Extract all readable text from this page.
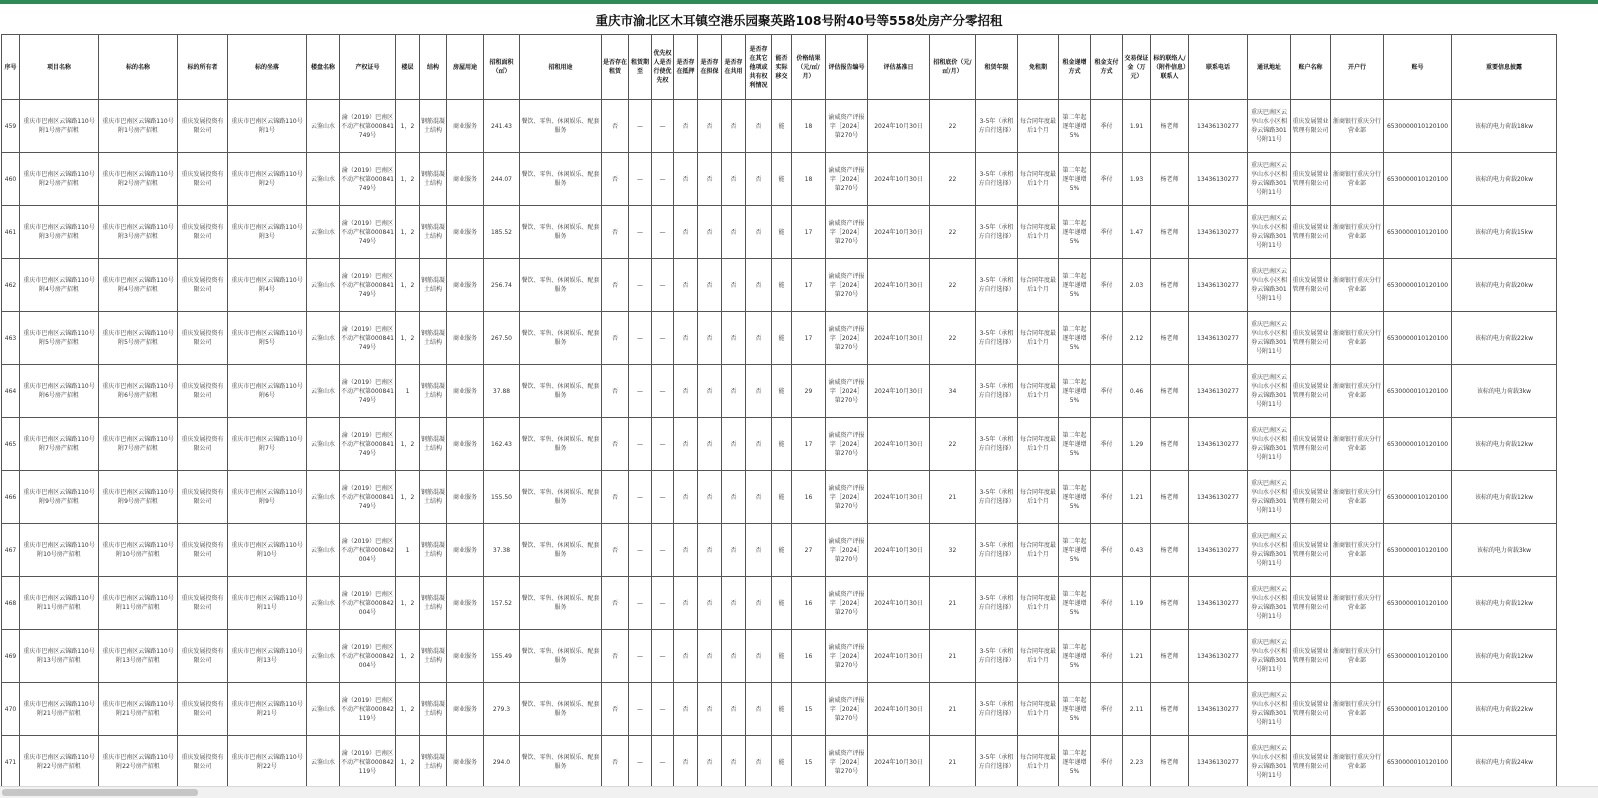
重庆市渝北区木耳镇空港乐园聚英路108号附40号等558处房产分零招租
序号	项目名称	标的名称	标的所有者	标的坐落	楼盘名称	产权证号	楼层	结构	房屋用途	招租面积（㎡）	招租用途	是否存在租赁	租赁期至	优先权人是否行使优先权	是否存在抵押	是否存在担保	是否存在共用	是否存在其它他项或共有权利情况	能否实际移交	价格结果（元/㎡/月）	评估报告编号	评估基准日	招租底价（元/㎡/月）	租赁年限	免租期	租金递增方式	租金支付方式	交易保证金（万元）	标的联络人/（附件信息）联系人	联系电话	通讯地址	账户名称	开户行	账号	重要信息披露
459	重庆市巴南区云锦路110号附1号房产招租	重庆市巴南区云锦路110号附1号房产招租	重庆发展投资有限公司	重庆市巴南区云锦路110号附1号	云鉴山水	渝（2019）巴南区不动产权第000841749号	1，2	钢筋混凝土结构	商业服务	241.43	餐饮、零售、休闲娱乐、配套服务	否	—	—	否	否	否	否	能	18	渝威资产评报字［2024］第270号	2024年10月30日	22	3-5年（承租方自行选择）	每合同年度最后1个月	第二年起逐年递增5%	季付	1.91	杨老师	13436130277	重庆巴南区云享山水小区相券云锦路301号附11号	重庆发展置业管理有限公司	浙商银行重庆分行营业部	6530000010120100	该标的电力荷载18kw
460	重庆市巴南区云锦路110号附2号房产招租	重庆市巴南区云锦路110号附2号房产招租	重庆发展投资有限公司	重庆市巴南区云锦路110号附2号	云鉴山水	渝（2019）巴南区不动产权第000841749号	1，2	钢筋混凝土结构	商业服务	244.07	餐饮、零售、休闲娱乐、配套服务	否	—	—	否	否	否	否	能	18	渝威资产评报字［2024］第270号	2024年10月30日	22	3-5年（承租方自行选择）	每合同年度最后1个月	第二年起逐年递增5%	季付	1.93	杨老师	13436130277	重庆巴南区云享山水小区相券云锦路301号附11号	重庆发展置业管理有限公司	浙商银行重庆分行营业部	6530000010120100	该标的电力荷载20kw
461	重庆市巴南区云锦路110号附3号房产招租	重庆市巴南区云锦路110号附3号房产招租	重庆发展投资有限公司	重庆市巴南区云锦路110号附3号	云鉴山水	渝（2019）巴南区不动产权第000841749号	1，2	钢筋混凝土结构	商业服务	185.52	餐饮、零售、休闲娱乐、配套服务	否	—	—	否	否	否	否	能	17	渝威资产评报字［2024］第270号	2024年10月30日	22	3-5年（承租方自行选择）	每合同年度最后1个月	第二年起逐年递增5%	季付	1.47	杨老师	13436130277	重庆巴南区云享山水小区相券云锦路301号附11号	重庆发展置业管理有限公司	浙商银行重庆分行营业部	6530000010120100	该标的电力荷载15kw
462	重庆市巴南区云锦路110号附4号房产招租	重庆市巴南区云锦路110号附4号房产招租	重庆发展投资有限公司	重庆市巴南区云锦路110号附4号	云鉴山水	渝（2019）巴南区不动产权第000841749号	1，2	钢筋混凝土结构	商业服务	256.74	餐饮、零售、休闲娱乐、配套服务	否	—	—	否	否	否	否	能	17	渝威资产评报字［2024］第270号	2024年10月30日	22	3-5年（承租方自行选择）	每合同年度最后1个月	第二年起逐年递增5%	季付	2.03	杨老师	13436130277	重庆巴南区云享山水小区相券云锦路301号附11号	重庆发展置业管理有限公司	浙商银行重庆分行营业部	6530000010120100	该标的电力荷载20kw
463	重庆市巴南区云锦路110号附5号房产招租	重庆市巴南区云锦路110号附5号房产招租	重庆发展投资有限公司	重庆市巴南区云锦路110号附5号	云鉴山水	渝（2019）巴南区不动产权第000841749号	1，2	钢筋混凝土结构	商业服务	267.50	餐饮、零售、休闲娱乐、配套服务	否	—	—	否	否	否	否	能	17	渝威资产评报字［2024］第270号	2024年10月30日	22	3-5年（承租方自行选择）	每合同年度最后1个月	第二年起逐年递增5%	季付	2.12	杨老师	13436130277	重庆巴南区云享山水小区相券云锦路301号附11号	重庆发展置业管理有限公司	浙商银行重庆分行营业部	6530000010120100	该标的电力荷载22kw
464	重庆市巴南区云锦路110号附6号房产招租	重庆市巴南区云锦路110号附6号房产招租	重庆发展投资有限公司	重庆市巴南区云锦路110号附6号	云鉴山水	渝（2019）巴南区不动产权第000841749号	1	钢筋混凝土结构	商业服务	37.88	餐饮、零售、休闲娱乐、配套服务	否	—	—	否	否	否	否	能	29	渝威资产评报字［2024］第270号	2024年10月30日	34	3-5年（承租方自行选择）	每合同年度最后1个月	第二年起逐年递增5%	季付	0.46	杨老师	13436130277	重庆巴南区云享山水小区相券云锦路301号附11号	重庆发展置业管理有限公司	浙商银行重庆分行营业部	6530000010120100	该标的电力荷载3kw
465	重庆市巴南区云锦路110号附7号房产招租	重庆市巴南区云锦路110号附7号房产招租	重庆发展投资有限公司	重庆市巴南区云锦路110号附7号	云鉴山水	渝（2019）巴南区不动产权第000841749号	1，2	钢筋混凝土结构	商业服务	162.43	餐饮、零售、休闲娱乐、配套服务	否	—	—	否	否	否	否	能	17	渝威资产评报字［2024］第270号	2024年10月30日	22	3-5年（承租方自行选择）	每合同年度最后1个月	第二年起逐年递增5%	季付	1.29	杨老师	13436130277	重庆巴南区云享山水小区相券云锦路301号附11号	重庆发展置业管理有限公司	浙商银行重庆分行营业部	6530000010120100	该标的电力荷载12kw
466	重庆市巴南区云锦路110号附9号房产招租	重庆市巴南区云锦路110号附9号房产招租	重庆发展投资有限公司	重庆市巴南区云锦路110号附9号	云鉴山水	渝（2019）巴南区不动产权第000841749号	1，2	钢筋混凝土结构	商业服务	155.50	餐饮、零售、休闲娱乐、配套服务	否	—	—	否	否	否	否	能	16	渝威资产评报字［2024］第270号	2024年10月30日	21	3-5年（承租方自行选择）	每合同年度最后1个月	第二年起逐年递增5%	季付	1.21	杨老师	13436130277	重庆巴南区云享山水小区相券云锦路301号附11号	重庆发展置业管理有限公司	浙商银行重庆分行营业部	6530000010120100	该标的电力荷载12kw
467	重庆市巴南区云锦路110号附10号房产招租	重庆市巴南区云锦路110号附10号房产招租	重庆发展投资有限公司	重庆市巴南区云锦路110号附10号	云鉴山水	渝（2019）巴南区不动产权第000842004号	1	钢筋混凝土结构	商业服务	37.38	餐饮、零售、休闲娱乐、配套服务	否	—	—	否	否	否	否	能	27	渝威资产评报字［2024］第270号	2024年10月30日	32	3-5年（承租方自行选择）	每合同年度最后1个月	第二年起逐年递增5%	季付	0.43	杨老师	13436130277	重庆巴南区云享山水小区相券云锦路301号附11号	重庆发展置业管理有限公司	浙商银行重庆分行营业部	6530000010120100	该标的电力荷载3kw
468	重庆市巴南区云锦路110号附11号房产招租	重庆市巴南区云锦路110号附11号房产招租	重庆发展投资有限公司	重庆市巴南区云锦路110号附11号	云鉴山水	渝（2019）巴南区不动产权第000842004号	1，2	钢筋混凝土结构	商业服务	157.52	餐饮、零售、休闲娱乐、配套服务	否	—	—	否	否	否	否	能	16	渝威资产评报字［2024］第270号	2024年10月30日	21	3-5年（承租方自行选择）	每合同年度最后1个月	第二年起逐年递增5%	季付	1.19	杨老师	13436130277	重庆巴南区云享山水小区相券云锦路301号附11号	重庆发展置业管理有限公司	浙商银行重庆分行营业部	6530000010120100	该标的电力荷载12kw
469	重庆市巴南区云锦路110号附13号房产招租	重庆市巴南区云锦路110号附13号房产招租	重庆发展投资有限公司	重庆市巴南区云锦路110号附13号	云鉴山水	渝（2019）巴南区不动产权第000842004号	1，2	钢筋混凝土结构	商业服务	155.49	餐饮、零售、休闲娱乐、配套服务	否	—	—	否	否	否	否	能	16	渝威资产评报字［2024］第270号	2024年10月30日	21	3-5年（承租方自行选择）	每合同年度最后1个月	第二年起逐年递增5%	季付	1.21	杨老师	13436130277	重庆巴南区云享山水小区相券云锦路301号附11号	重庆发展置业管理有限公司	浙商银行重庆分行营业部	6530000010120100	该标的电力荷载12kw
470	重庆市巴南区云锦路110号附21号房产招租	重庆市巴南区云锦路110号附21号房产招租	重庆发展投资有限公司	重庆市巴南区云锦路110号附21号	云鉴山水	渝（2019）巴南区不动产权第000842119号	1，2	钢筋混凝土结构	商业服务	279.3	餐饮、零售、休闲娱乐、配套服务	否	—	—	否	否	否	否	能	15	渝威资产评报字［2024］第270号	2024年10月30日	21	3-5年（承租方自行选择）	每合同年度最后1个月	第二年起逐年递增5%	季付	2.11	杨老师	13436130277	重庆巴南区云享山水小区相券云锦路301号附11号	重庆发展置业管理有限公司	浙商银行重庆分行营业部	6530000010120100	该标的电力荷载22kw
471	重庆市巴南区云锦路110号附22号房产招租	重庆市巴南区云锦路110号附22号房产招租	重庆发展投资有限公司	重庆市巴南区云锦路110号附22号	云鉴山水	渝（2019）巴南区不动产权第000842119号	1，2	钢筋混凝土结构	商业服务	294.0	餐饮、零售、休闲娱乐、配套服务	否	—	—	否	否	否	否	能	15	渝威资产评报字［2024］第270号	2024年10月30日	21	3-5年（承租方自行选择）	每合同年度最后1个月	第二年起逐年递增5%	季付	2.23	杨老师	13436130277	重庆巴南区云享山水小区相券云锦路301号附11号	重庆发展置业管理有限公司	浙商银行重庆分行营业部	6530000010120100	该标的电力荷载24kw
